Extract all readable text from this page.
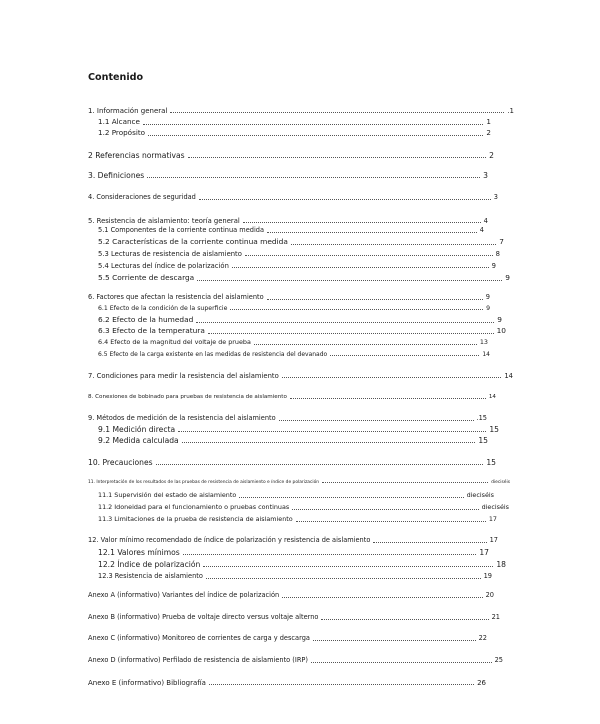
Contenido
1. Información general	.1
1.1 Alcance	1
1.2 Propósito	2
2 Referencias normativas	2
3. Definiciones	3
4. Consideraciones de seguridad	3
5. Resistencia de aislamiento: teoría general	4
5.1 Componentes de la corriente continua medida	4
5.2 Características de la corriente continua medida	7
5.3 Lecturas de resistencia de aislamiento	8
5.4 Lecturas del índice de polarización	9
5.5 Corriente de descarga	9
6. Factores que afectan la resistencia del aislamiento	9
6.1 Efecto de la condición de la superficie	9
6.2 Efecto de la humedad	9
6.3 Efecto de la temperatura	10
6.4 Efecto de la magnitud del voltaje de prueba	13
6.5 Efecto de la carga existente en las medidas de resistencia del devanado	14
7. Condiciones para medir la resistencia del aislamiento	14
8. Conexiones de bobinado para pruebas de resistencia de aislamiento	14
9. Métodos de medición de la resistencia del aislamiento	.15
9.1 Medición directa	15
9.2 Medida calculada	15
10. Precauciones	15
11. Interpretación de los resultados de las pruebas de resistencia de aislamiento e índice de polarización	dieciséis
11.1 Supervisión del estado de aislamiento	dieciséis
11.2 Idoneidad para el funcionamiento o pruebas continuas	dieciséis
11.3 Limitaciones de la prueba de resistencia de aislamiento	17
12. Valor mínimo recomendado de índice de polarización y resistencia de aislamiento	17
12.1 Valores mínimos	17
12.2 Índice de polarización	18
12.3 Resistencia de aislamiento	19
Anexo A (informativo) Variantes del índice de polarización	20
Anexo B (informativo) Prueba de voltaje directo versus voltaje alterno	21
Anexo C (informativo) Monitoreo de corrientes de carga y descarga	22
Anexo D (informativo) Perfilado de resistencia de aislamiento (IRP)	25
Anexo E (informativo) Bibliografía	26
